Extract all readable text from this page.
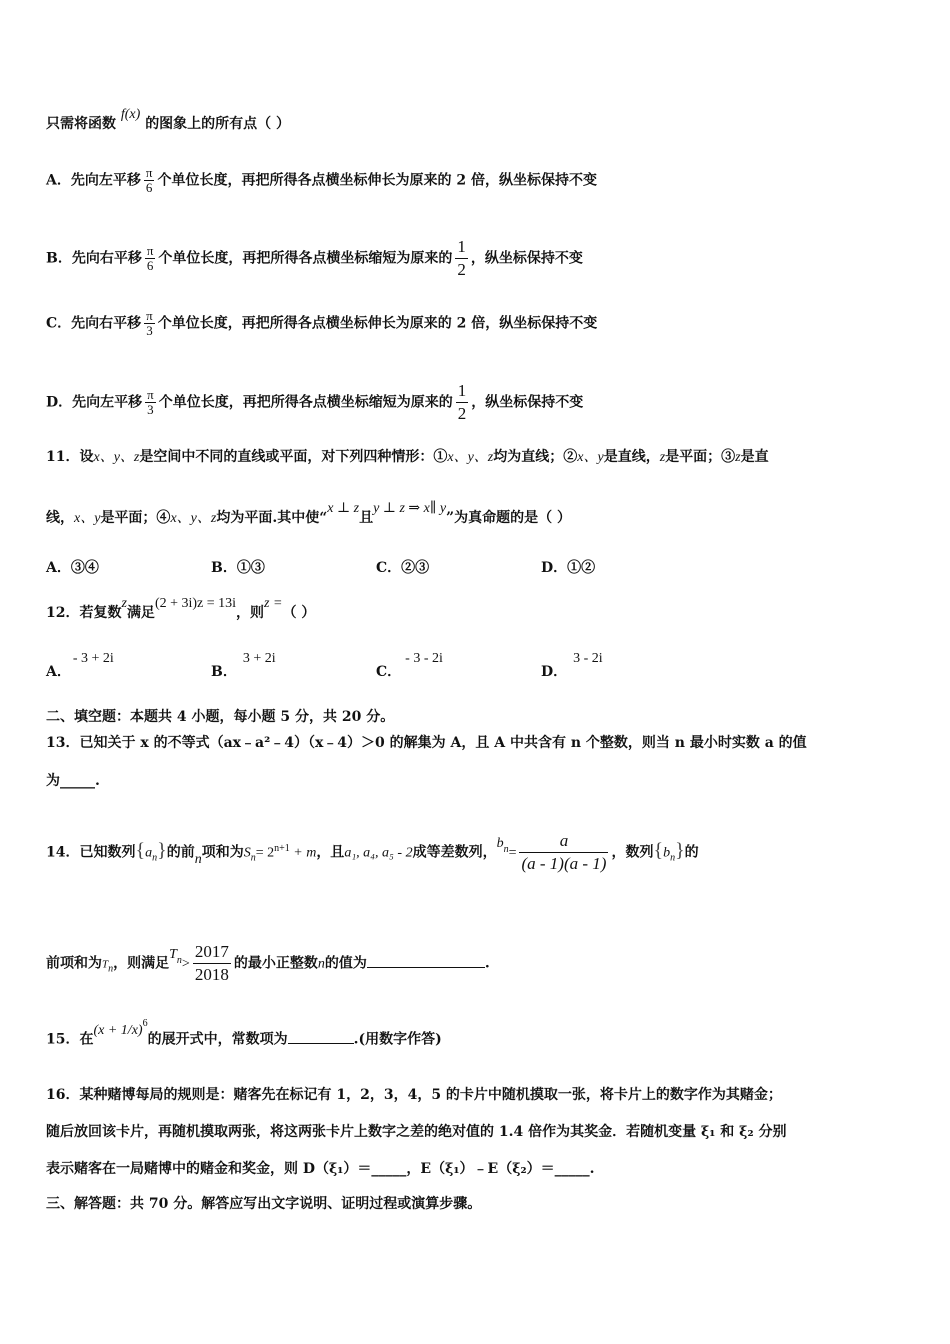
只需将函数 f(x) 的图象上的所有点（ ）
A．先向左平移 $\frac{\pi}{6}$ 个单位长度，再把所得各点横坐标伸长为原来的 2 倍，纵坐标保持不变
B．先向右平移 $\frac{\pi}{6}$ 个单位长度，再把所得各点横坐标缩短为原来的 $\frac{1}{2}$ ，纵坐标保持不变
C．先向右平移 $\frac{\pi}{3}$ 个单位长度，再把所得各点横坐标伸长为原来的 2 倍，纵坐标保持不变
D．先向左平移 $\frac{\pi}{3}$ 个单位长度，再把所得各点横坐标缩短为原来的 $\frac{1}{2}$ ，纵坐标保持不变
11．设x、y、z是空间中不同的直线或平面，对下列四种情形：①x、y、z均为直线；②x、y是直线，z是平面；③z是直
线，x、y是平面；④x、y、z均为平面.其中使“x ⊥ z且y ⊥ z ⇒ x∥ y”为真命题的是（ ）
A．③④	B．①③	C．②③	D．①②
12．若复数z满足(2 + 3i)z = 13i，则z =（ ）
A．- 3 + 2i
B．3 + 2i
C．- 3 - 2i
D．3 - 2i
二、填空题：本题共 4 小题，每小题 5 分，共 20 分。
13．已知关于 x 的不等式（ax﹣a²﹣4）（x﹣4）＞0 的解集为 A，且 A 中共含有 n 个整数，则当 n 最小时实数 a 的值
为_____.
14．已知数列$\{a_n\}$的前n项和为$S_n= 2^{n+1} + m$，且a₁, a₄, a₅ - 2成等差数列，$b_n= \frac{a}{(a - 1)(a - 1)}$ ，数列$\{b_n\}$的
前项和为$T_n$，则满足$T_n> \frac{2017}{2018}$ 的最小正整数n的值为	.
15．在$(x + 1/x)^6$的展开式中，常数项为	.(用数字作答)
16．某种赌博每局的规则是：赌客先在标记有 1，2，3，4，5 的卡片中随机摸取一张，将卡片上的数字作为其赌金；
随后放回该卡片，再随机摸取两张，将这两张卡片上数字之差的绝对值的 1.4 倍作为其奖金．若随机变量 ξ₁ 和 ξ₂ 分别
表示赌客在一局赌博中的赌金和奖金，则 D（ξ₁）＝_____，E（ξ₁）﹣E（ξ₂）＝_____.
三、解答题：共 70 分。解答应写出文字说明、证明过程或演算步骤。
